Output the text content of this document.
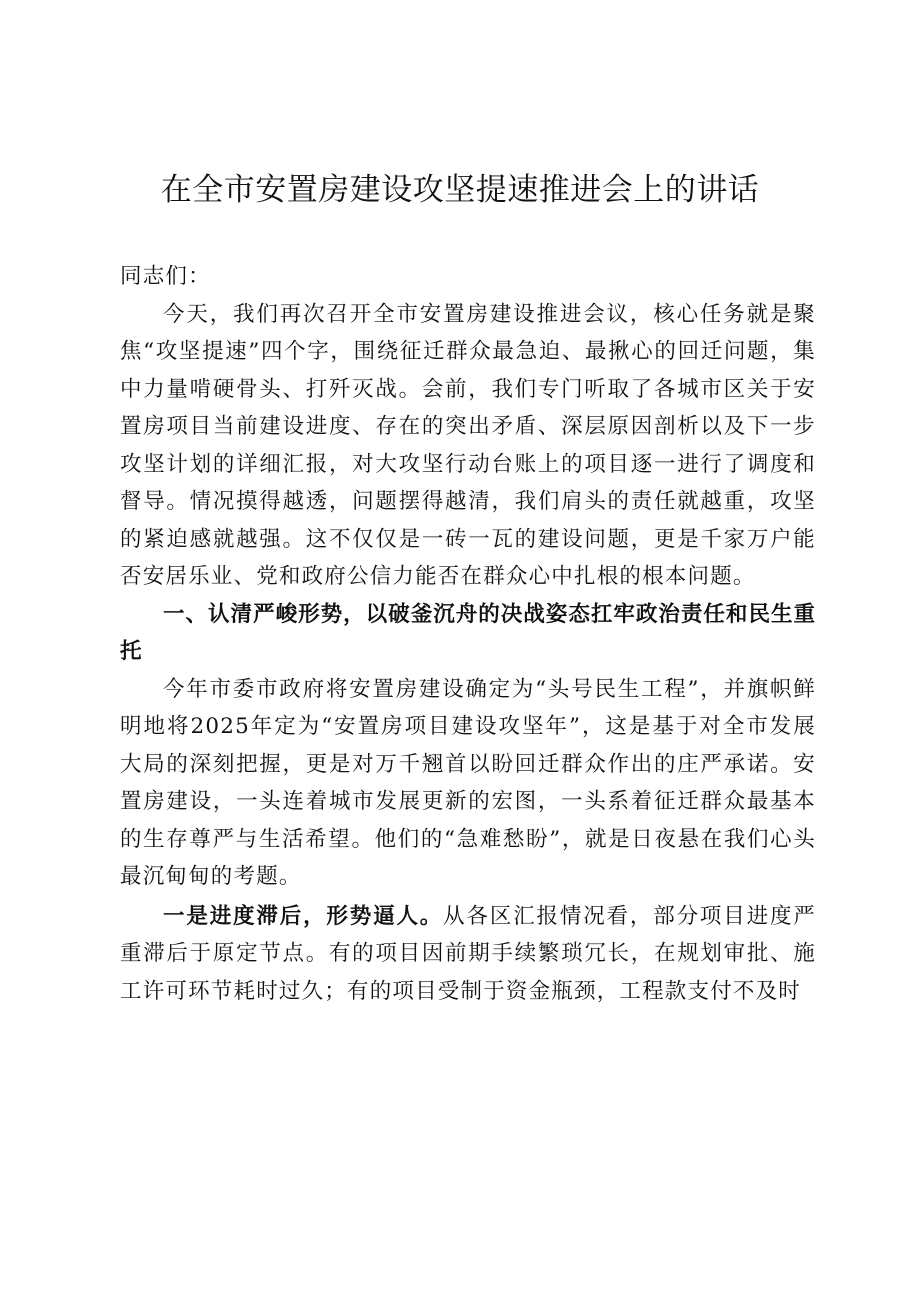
在全市安置房建设攻坚提速推进会上的讲话

同志们：

今天，我们再次召开全市安置房建设推进会议，核心任务就是聚焦“攻坚提速”四个字，围绕征迁群众最急迫、最揪心的回迁问题，集中力量啃硬骨头、打歼灭战。会前，我们专门听取了各城市区关于安置房项目当前建设进度、存在的突出矛盾、深层原因剖析以及下一步攻坚计划的详细汇报，对大攻坚行动台账上的项目逐一进行了调度和督导。情况摸得越透，问题摆得越清，我们肩头的责任就越重，攻坚的紧迫感就越强。这不仅仅是一砖一瓦的建设问题，更是千家万户能否安居乐业、党和政府公信力能否在群众心中扎根的根本问题。

一、认清严峻形势，以破釜沉舟的决战姿态扛牢政治责任和民生重托

今年市委市政府将安置房建设确定为“头号民生工程”，并旗帜鲜明地将2025年定为“安置房项目建设攻坚年”，这是基于对全市发展大局的深刻把握，更是对万千翘首以盼回迁群众作出的庄严承诺。安置房建设，一头连着城市发展更新的宏图，一头系着征迁群众最基本的生存尊严与生活希望。他们的“急难愁盼”，就是日夜悬在我们心头最沉甸甸的考题。

一是进度滞后，形势逼人。从各区汇报情况看，部分项目进度严重滞后于原定节点。有的项目因前期手续繁琐冗长，在规划审批、施工许可环节耗时过久；有的项目受制于资金瓶颈，工程款支付不及时
